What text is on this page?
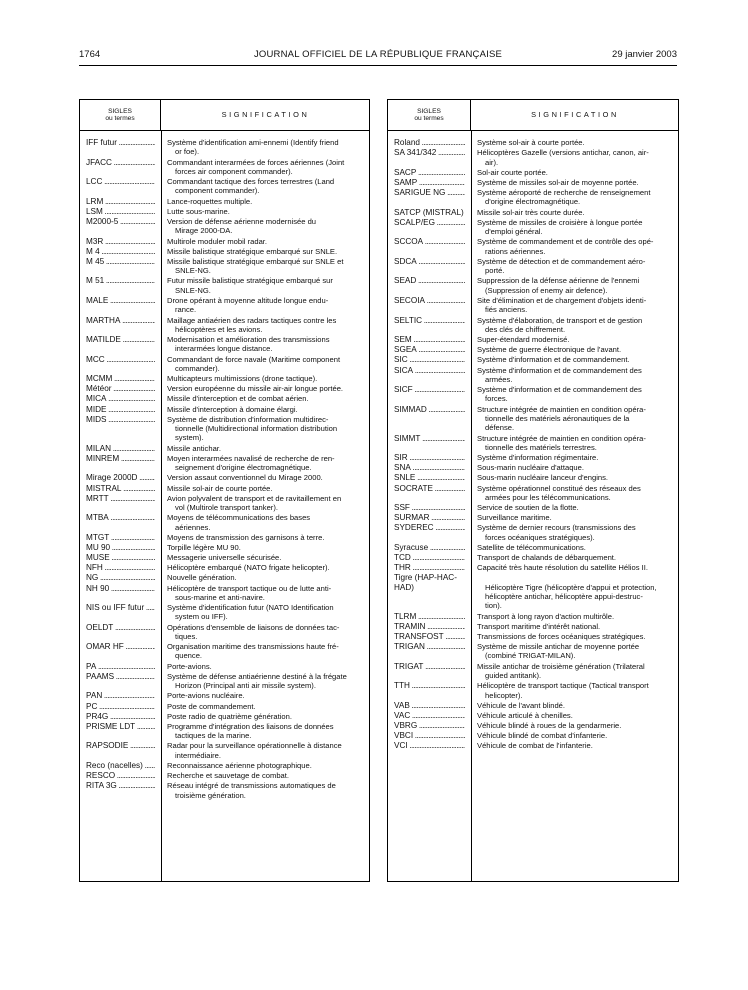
1764	JOURNAL OFFICIEL DE LA RÉPUBLIQUE FRANÇAISE	29 janvier 2003
SIGLES
ou termes	SIGNIFICATION
IFF futur .....	Système d'identification ami-ennemi (Identify friend
or foe).
JFACC .....	Commandant interarmées de forces aériennes (Joint
forces air component commander).
LCC .....	Commandant tactique des forces terrestres (Land
component commander).
LRM .....	Lance-roquettes multiple.
LSM .....	Lutte sous-marine.
M2000-5 .....	Version de défense aérienne modernisée du
Mirage 2000-DA.
M3R .....	Multirole moduler mobil radar.
M 4 .....	Missile balistique stratégique embarqué sur SNLE.
M 45 .....	Missile balistique stratégique embarqué sur SNLE et
SNLE-NG.
M 51 .....	Futur missile balistique stratégique embarqué sur
SNLE-NG.
MALE .....	Drone opérant à moyenne altitude longue endu-
rance.
MARTHA .....	Maillage antiaérien des radars tactiques contre les
hélicoptères et les avions.
MATILDE .....	Modernisation et amélioration des transmissions
interarmées longue distance.
MCC .....	Commandant de force navale (Maritime component
commander).
MCMM .....	Multicapteurs multimissions (drone tactique).
Météor .....	Version européenne du missile air-air longue portée.
MICA .....	Missile d'interception et de combat aérien.
MIDE .....	Missile d'interception à domaine élargi.
MIDS .....	Système de distribution d'information multidirec-
tionnelle (Multidirectional information distribution
system).
MILAN .....	Missile antichar.
MINREM .....	Moyen interarmées navalisé de recherche de ren-
seignement d'origine électromagnétique.
Mirage 2000D .....	Version assaut conventionnel du Mirage 2000.
MISTRAL .....	Missile sol-air de courte portée.
MRTT .....	Avion polyvalent de transport et de ravitaillement en
vol (Multirole transport tanker).
MTBA .....	Moyens de télécommunications des bases
aériennes.
MTGT .....	Moyens de transmission des garnisons à terre.
MU 90 .....	Torpille légère MU 90.
MUSE .....	Messagerie universelle sécurisée.
NFH .....	Hélicoptère embarqué (NATO frigate helicopter).
NG .....	Nouvelle génération.
NH 90 .....	Hélicoptère de transport tactique ou de lutte anti-
sous-marine et anti-navire.
NIS ou IFF futur .....	Système d'identification futur (NATO Identification
system ou IFF).
OELDT .....	Opérations d'ensemble de liaisons de données tac-
tiques.
OMAR HF .....	Organisation maritime des transmissions haute fré-
quence.
PA .....	Porte-avions.
PAAMS .....	Système de défense antiaérienne destiné à la frégate
Horizon (Principal anti air missile system).
PAN .....	Porte-avions nucléaire.
PC .....	Poste de commandement.
PR4G .....	Poste radio de quatrième génération.
PRISME LDT .....	Programme d'intégration des liaisons de données
tactiques de la marine.
RAPSODIE .....	Radar pour la surveillance opérationnelle à distance
intermédiaire.
Reco (nacelles) .....	Reconnaissance aérienne photographique.
RESCO .....	Recherche et sauvetage de combat.
RITA 3G .....	Réseau intégré de transmissions automatiques de
troisième génération.
SIGLES
ou termes	SIGNIFICATION
Roland .....	Système sol-air à courte portée.
SA 341/342 .....	Hélicoptères Gazelle (versions antichar, canon, air-
air).
SACP .....	Sol-air courte portée.
SAMP .....	Système de missiles sol-air de moyenne portée.
SARIGUE NG .....	Système aéroporté de recherche de renseignement
d'origine électromagnétique.
SATCP (MISTRAL) ..... Missile sol-air très courte durée.
SCALP/EG .....	Système de missiles de croisière à longue portée
d'emploi général.
SCCOA .....	Système de commandement et de contrôle des opé-
rations aériennes.
SDCA .....	Système de détection et de commandement aéro-
porté.
SEAD .....	Suppression de la défense aérienne de l'ennemi
(Suppression of enemy air defence).
SECOIA .....	Site d'élimination et de chargement d'objets identi-
fiés anciens.
SELTIC .....	Système d'élaboration, de transport et de gestion
des clés de chiffrement.
SEM .....	Super-étendard modernisé.
SGEA .....	Système de guerre électronique de l'avant.
SIC .....	Système d'information et de commandement.
SICA .....	Système d'information et de commandement des
armées.
SICF .....	Système d'information et de commandement des
forces.
SIMMAD .....	Structure intégrée de maintien en condition opéra-
tionnelle des matériels aéronautiques de la
défense.
SIMMT .....	Structure intégrée de maintien en condition opéra-
tionnelle des matériels terrestres.
SIR .....	Système d'information régimentaire.
SNA .....	Sous-marin nucléaire d'attaque.
SNLE .....	Sous-marin nucléaire lanceur d'engins.
SOCRATE .....	Système opérationnel constitué des réseaux des
armées pour les télécommunications.
SSF .....	Service de soutien de la flotte.
SURMAR .....	Surveillance maritime.
SYDEREC .....	Système de dernier recours (transmissions des
forces océaniques stratégiques).
Syracuse .....	Satellite de télécommunications.
TCD .....	Transport de chalands de débarquement.
THR .....	Capacité très haute résolution du satellite Hélios II.
Tigre (HAP-HAC-HAD)	Hélicoptère Tigre (hélicoptère d'appui et protection,
hélicoptère antichar, hélicoptère appui-destruc-
tion).
TLRM .....	Transport à long rayon d'action multirôle.
TRAMIN .....	Transport maritime d'intérêt national.
TRANSFOST .....	Transmissions de forces océaniques stratégiques.
TRIGAN .....	Système de missile antichar de moyenne portée
(combiné TRIGAT-MILAN).
TRIGAT .....	Missile antichar de troisième génération (Trilateral
guided antitank).
TTH .....	Hélicoptère de transport tactique (Tactical transport
helicopter).
VAB .....	Véhicule de l'avant blindé.
VAC .....	Véhicule articulé à chenilles.
VBRG .....	Véhicule blindé à roues de la gendarmerie.
VBCI .....	Véhicule blindé de combat d'infanterie.
VCI .....	Véhicule de combat de l'infanterie.
